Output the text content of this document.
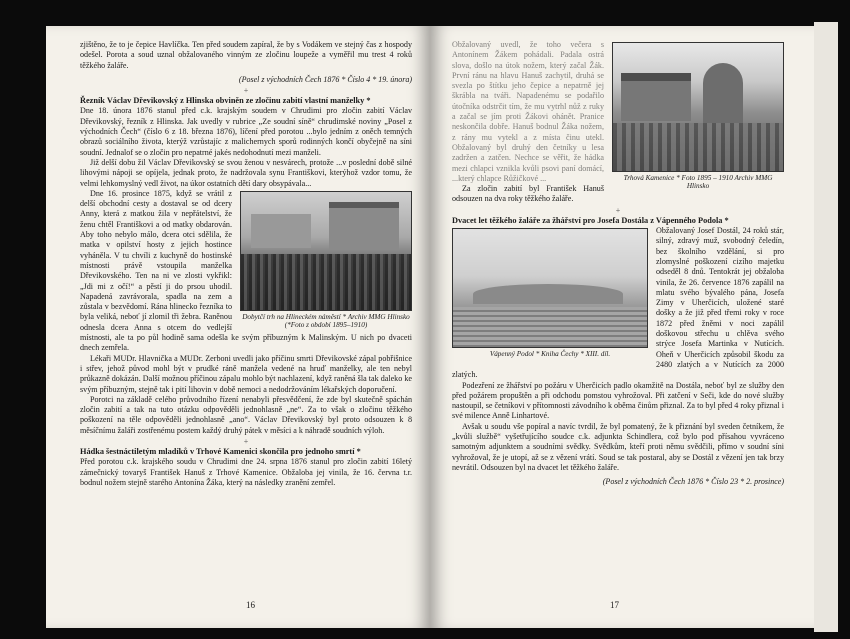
zjištěno, že to je čepice Havlíčka. Ten před soudem zapíral, že by s Vodákem ve stejný čas z hospody odešel. Porota a soud uznal obžalovaného vinným ze zločinu loupeže a vyměřil mu trest 4 roků těžkého žaláře.

(Posel z východních Čech 1876 * Číslo 4 * 19. února)
+
Řezník Václav Dřevikovský z Hlinska obviněn ze zločinu zabití vlastní manželky *

Dne 18. února 1876 stanul před c.k. krajským soudem v Chrudimi pro zločin zabití Václav Dřevikovský, řezník z Hlinska. Jak uvedly v rubrice „Ze soudní síně“ chrudimské noviny „Posel z východních Čech“ (číslo 6 z 18. března 1876), líčení před porotou ...bylo jedním z oněch temných obrazů sociálního života, kterýž vzrůstajíc z malichernych sporů rodinných končí obyčejně na síni soudní. Jednalof se o zločin pro nepatrné jakés nedohodnutí mezi manželi.

Již delší dobu žil Václav Dřevikovský se svou ženou v nesvárech, protože ...v poslední době silné lihovými nápoji se opíjela, jednak proto, že nadržovala synu Františkovi, kterýhož vzdor tomu, že velmi lehkomyslný vedl život, na úkor ostatních dětí dary obsypávala...

Dobytčí trh na Hlineckém náměstí * Archiv MMG Hlinsko (*Foto z období 1895–1910)

Dne 16. prosince 1875, když se vrátil z delší obchodní cesty a dostaval se od dcery Anny, která z matkou žila v nepřátelství, že ženu chtěl Františkovi a od matky obdarován. Aby toho nebylo málo, dcera otci sdělila, že matka v opilství hosty z jejich hostince vyháněla. V tu chvíli z kuchyně do hostinské místnosti právě vstoupila manželka Dřevikovského. Ten na ni ve zlosti vykřikl: „Jdi mi z očí!“ a pěstí ji do prsou uhodil. Napadená zavrávorala, spadla na zem a zůstala v bezvědomí. Rána hlinecko řezníka to byla veliká, neboť jí zlomil tři žebra. Raněnou odnesla dcera Anna s otcem do vedlejší místnosti, ale ta po půl hodině sama odešla ke svým příbuzným k Malinským. U nich po dvaceti dnech zemřela.

Lékaři MUDr. Hlavnička a MUDr. Zerboni uvedli jako příčinu smrti Dřevikovské zápal pobřišnice i střev, jehož původ mohl být v prudké ráně manžela vedené na hruď manželky, ale ten nebyl průkazně dokázán. Další možnou příčinou zápalu mohlo být nachlazení, když raněná šla tak daleko ke svým příbuzným, stejně tak i pití lihovin v době nemoci a nedodržováním lékařských doporučení.

Porotci na základě celého průvodního řízení nenabyli přesvědčení, že zde byl skutečně spáchán zločin zabití a tak na tuto otázku odpověděli jednohlasně „ne“. Za to však o zločinu těžkého poškození na těle odpověděli jednohlasně „ano“. Václav Dřevikovský byl proto odsouzen k 8 měsíčnímu žaláři zostřenému postem každý druhý pátek v měsíci a k náhradě soudních výloh.

+
Hádka šestnáctiletým mladíků v Trhové Kamenici skončila pro jednoho smrtí *

Před porotou c.k. krajského soudu v Chrudimi dne 24. srpna 1876 stanul pro zločin zabití 16letý zámečnický tovaryš František Hanuš z Trhové Kamenice. Obžaloba jej vinila, že 16. června t.r. bodnul nožem stejně starého Antonína Žáka, který na následky zranění zemřel.

16
Trhová Kamenice * Foto 1895 – 1910 Archiv MMG Hlinsko

Obžalovaný uvedl, že toho večera s Antonínem Žákem pohádali. Padala ostrá slova, došlo na útok nožem, který začal Žák. První ránu na hlavu Hanuš zachytil, druhá se svezla po štítku jeho čepice a nepatrně jej škrábla na tváři. Napadenému se podařilo útočníka odstrčit tím, že mu vytrhl nůž z ruky a začal se jím proti Žákovi ohánět. Pranice neskončila dobře. Hanuš bodnul Žáka nožem, z rány mu vytekl a z místa činu utekl. Obžalovaný byl druhý den četníky u lesa zadržen a zatčen. Nechce se věřit, že hádka mezi chlapci vznikla kvůli psovi paní domácí, ...který chlapce Růžičkové ...

Za zločin zabití byl František Hanuš odsouzen na dva roky těžkého žaláře.

+
Dvacet let těžkého žaláře za žhářství pro Josefa Dostála z Vápenného Podola *
Vápenný Podol * Kniha Čechy * XIII. díl.

Obžalovaný Josef Dostál, 24 roků stár, silný, zdravý muž, svobodný čeledín, bez školního vzdělání, si pro zlomyslné poškození cizího majetku odseděl 8 dnů. Tentokrát jej obžaloba vinila, že 26. července 1876 zapálil na mlatu svého bývalého pána, Josefa Zimy v Uherčicích, uložené staré došky a že již před třemi roky v roce 1872 před žněmi v noci zapálil doškovou střechu u chlěva svého strýce Josefa Martinka v Nutících. Oheň v Uherčicích způsobil škodu za 2480 zlatých a v Nutících za 2000 zlatých.

Podezření ze žhářství po požáru v Uherčicích padlo okamžitě na Dostála, neboť byl ze služby den před požárem propuštěn a při odchodu pomstou vyhrožoval. Při zatčení v Seči, kde do nové služby nastoupil, se četníkovi v přítomnosti závodního k oběma činům přiznal. Za to byl před 4 roky přiznal i své milence Anně Linhartové.

Avšak u soudu vše popíral a navíc tvrdil, že byl pomatený, že k přiznání byl sveden četníkem, že „kvůli službě“ vyšetřujícího soudce c.k. adjunkta Schindlera, což bylo pod přísahou vyvráceno samotným adjunktem a soudními svědky. Svědkům, kteří proti němu svědčili, přímo v soudní síni vyhrožoval, že je utopí, až se z vězení vrátí. Soud se tak postaral, aby se Dostál z vězení jen tak brzy nevrátil. Odsouzen byl na dvacet let těžkého žaláře.

(Posel z východních Čech 1876 * Číslo 23 * 2. prosince)
17
